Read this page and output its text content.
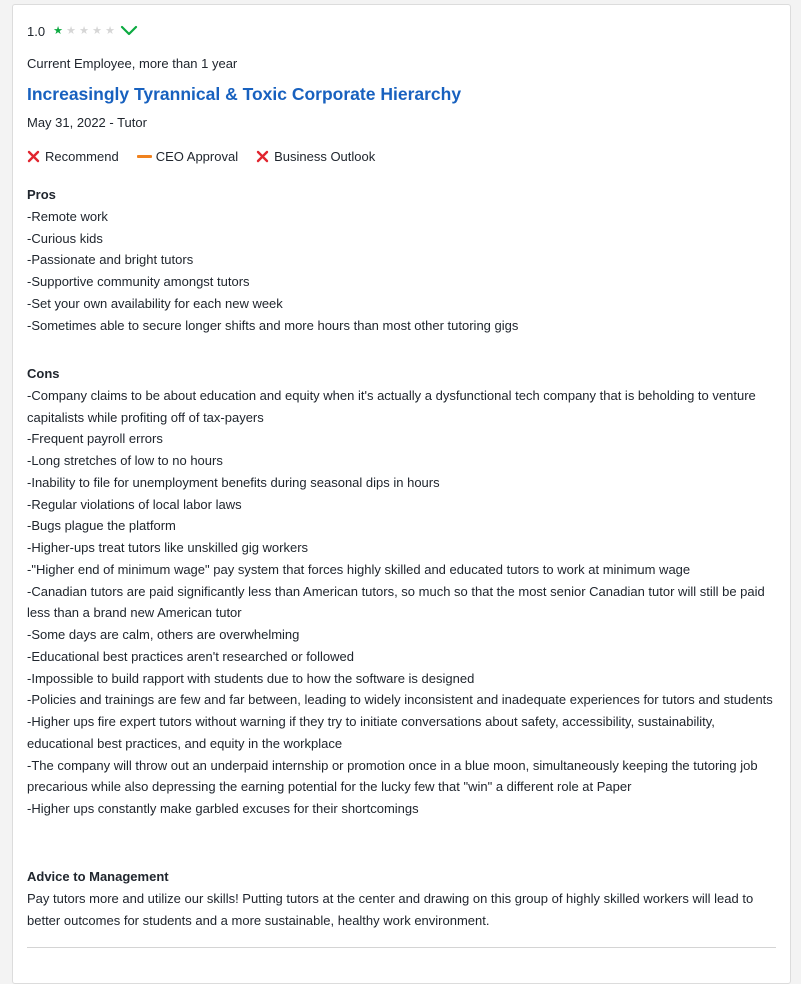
1.0 ★ ★ ★ ★ ★
Current Employee, more than 1 year
Increasingly Tyrannical & Toxic Corporate Hierarchy
May 31, 2022 - Tutor
Recommend	CEO Approval	Business Outlook
Pros
-Remote work
-Curious kids
-Passionate and bright tutors
-Supportive community amongst tutors
-Set your own availability for each new week
-Sometimes able to secure longer shifts and more hours than most other tutoring gigs
Cons
-Company claims to be about education and equity when it's actually a dysfunctional tech company that is beholding to venture capitalists while profiting off of tax-payers
-Frequent payroll errors
-Long stretches of low to no hours
-Inability to file for unemployment benefits during seasonal dips in hours
-Regular violations of local labor laws
-Bugs plague the platform
-Higher-ups treat tutors like unskilled gig workers
-"Higher end of minimum wage" pay system that forces highly skilled and educated tutors to work at minimum wage
-Canadian tutors are paid significantly less than American tutors, so much so that the most senior Canadian tutor will still be paid less than a brand new American tutor
-Some days are calm, others are overwhelming
-Educational best practices aren't researched or followed
-Impossible to build rapport with students due to how the software is designed
-Policies and trainings are few and far between, leading to widely inconsistent and inadequate experiences for tutors and students
-Higher ups fire expert tutors without warning if they try to initiate conversations about safety, accessibility, sustainability, educational best practices, and equity in the workplace
-The company will throw out an underpaid internship or promotion once in a blue moon, simultaneously keeping the tutoring job precarious while also depressing the earning potential for the lucky few that "win" a different role at Paper
-Higher ups constantly make garbled excuses for their shortcomings
Advice to Management
Pay tutors more and utilize our skills! Putting tutors at the center and drawing on this group of highly skilled workers will lead to better outcomes for students and a more sustainable, healthy work environment.
